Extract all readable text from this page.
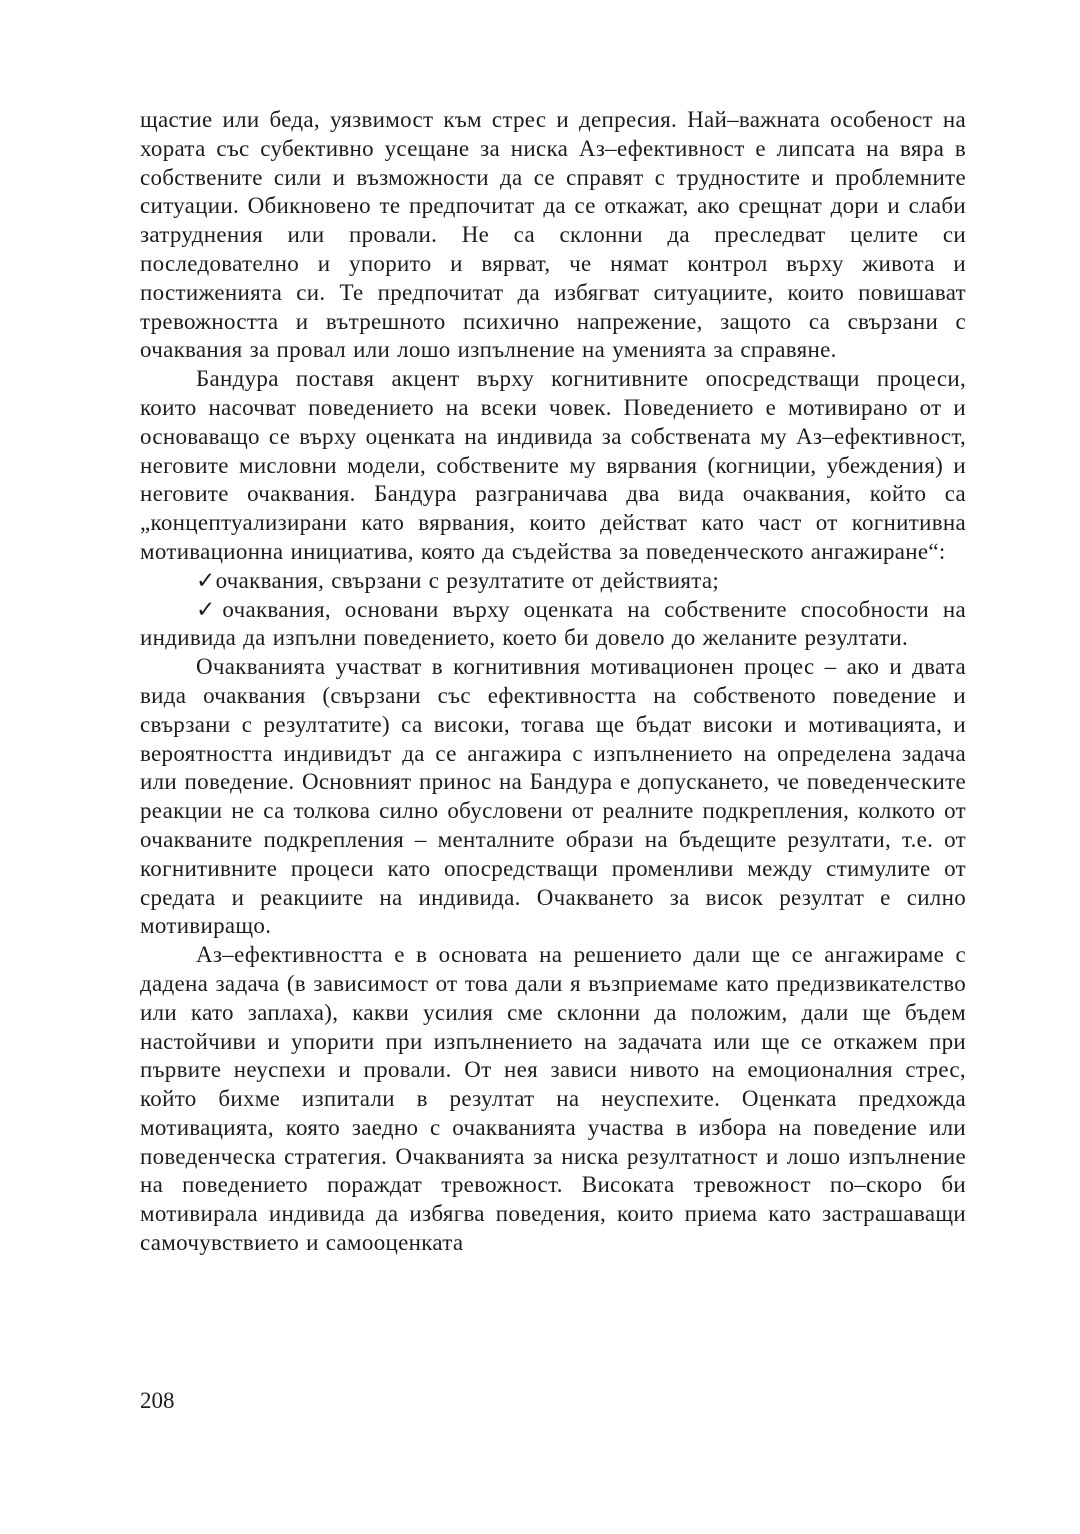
щастие или беда, уязвимост към стрес и депресия. Най–важната особеност на хората със субективно усещане за ниска Аз–ефективност е липсата на вяра в собствените сили и възможности да се справят с трудностите и проблемните ситуации. Обикновено те предпочитат да се откажат, ако срещнат дори и слаби затруднения или провали. Не са склонни да преследват целите си последователно и упорито и вярват, че нямат контрол върху живота и постиженията си. Те предпочитат да избягват ситуациите, които повишават тревожността и вътрешното психично напрежение, защото са свързани с очаквания за провал или лошо изпълнение на уменията за справяне.

Бандура поставя акцент върху когнитивните опосредстващи процеси, които насочват поведението на всеки човек. Поведението е мотивирано от и основаващо се върху оценката на индивида за собствената му Аз–ефективност, неговите мисловни модели, собствените му вярвания (когниции, убеждения) и неговите очаквания. Бандура разграничава два вида очаквания, който са „концептуализирани като вярвания, които действат като част от когнитивна мотивационна инициатива, която да съдейства за поведенческото ангажиране“:

✓очаквания, свързани с резултатите от действията;

✓очаквания, основани върху оценката на собствените способности на индивида да изпълни поведението, което би довело до желаните резултати.

Очакванията участват в когнитивния мотивационен процес – ако и двата вида очаквания (свързани със ефективността на собственото поведение и свързани с резултатите) са високи, тогава ще бъдат високи и мотивацията, и вероятността индивидът да се ангажира с изпълнението на определена задача или поведение. Основният принос на Бандура е допускането, че поведенческите реакции не са толкова силно обусловени от реалните подкрепления, колкото от очакваните подкрепления – менталните образи на бъдещите резултати, т.е. от когнитивните процеси като опосредстващи променливи между стимулите от средата и реакциите на индивида. Очакването за висок резултат е силно мотивиращо.

Аз–ефективността е в основата на решението дали ще се ангажираме с дадена задача (в зависимост от това дали я възприемаме като предизвикателство или като заплаха), какви усилия сме склонни да положим, дали ще бъдем настойчиви и упорити при изпълнението на задачата или ще се откажем при първите неуспехи и провали. От нея зависи нивото на емоционалния стрес, който бихме изпитали в резултат на неуспехите. Оценката предхожда мотивацията, която заедно с очакванията участва в избора на поведение или поведенческа стратегия. Очакванията за ниска резултатност и лошо изпълнение на поведението пораждат тревожност. Високата тревожност по–скоро би мотивирала индивида да избягва поведения, които приема като застрашаващи самочувствието и самооценката

208
